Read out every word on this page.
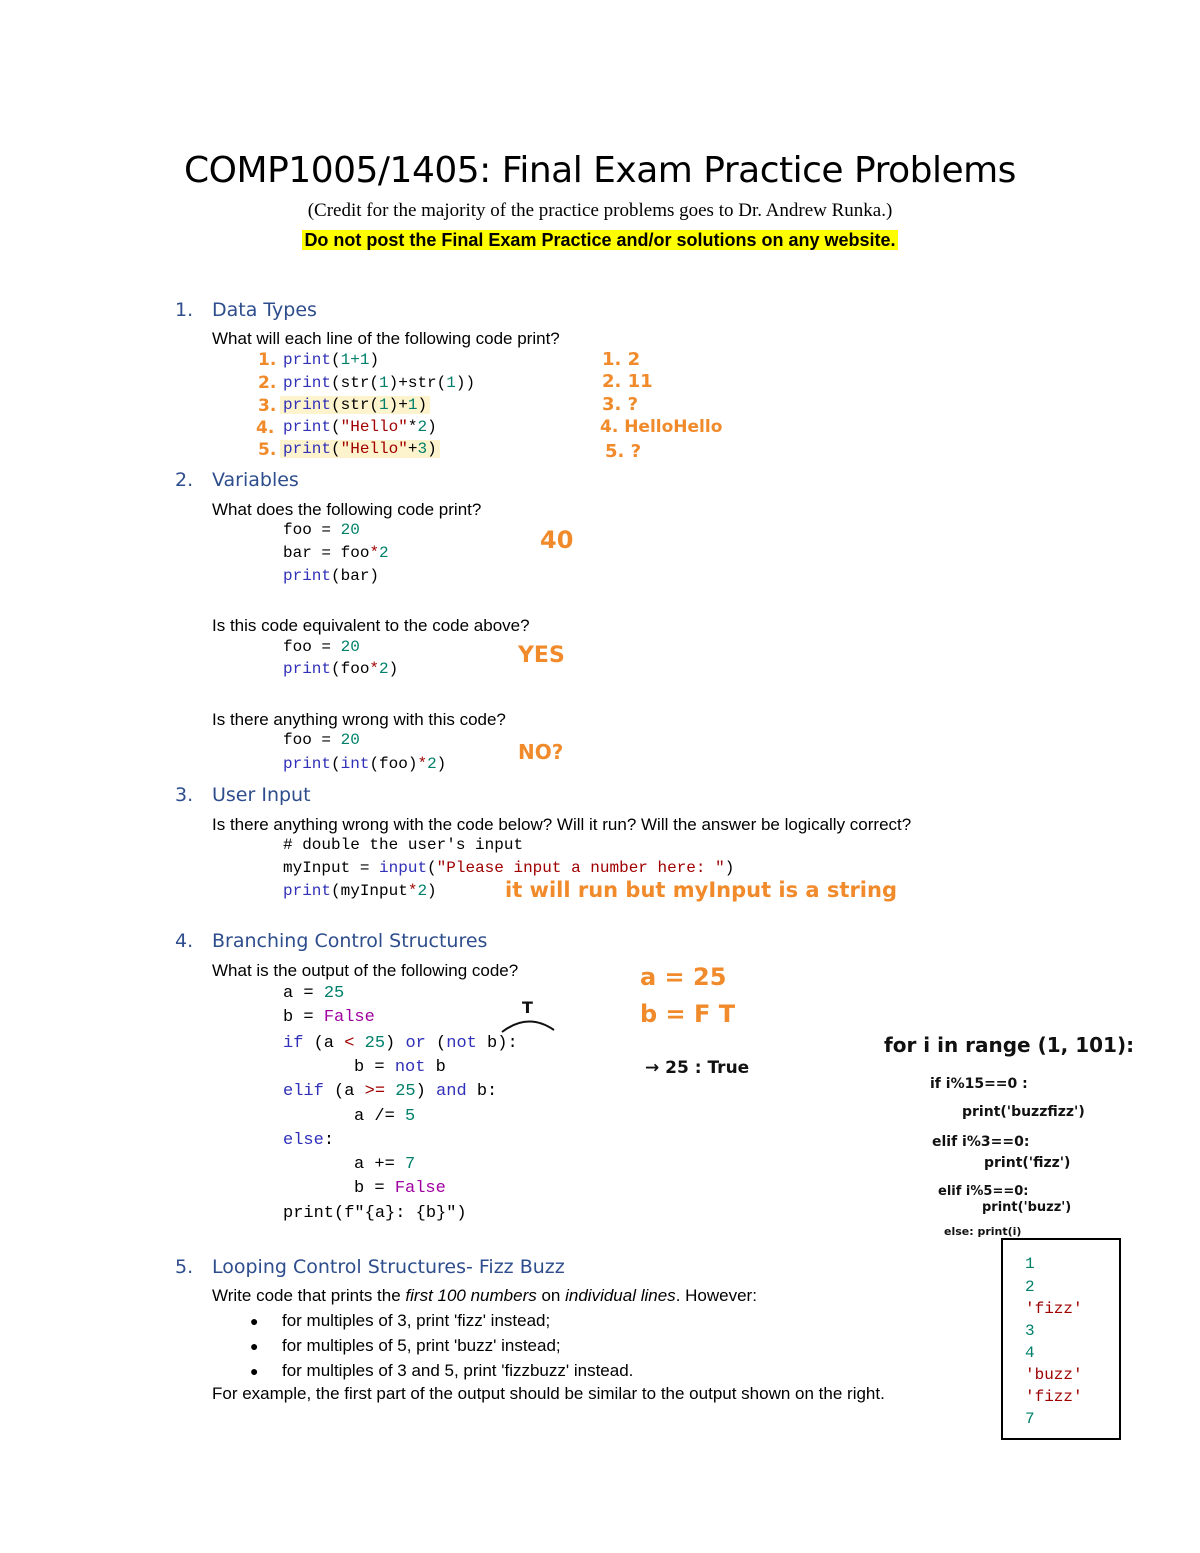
COMP1005/1405: Final Exam Practice Problems
(Credit for the majority of the practice problems goes to Dr. Andrew Runka.)
Do not post the Final Exam Practice and/or solutions on any website.
1. Data Types
What will each line of the following code print?
print(1+1)
print(str(1)+str(1))
print(str(1)+1)
print("Hello"*2)
print("Hello"+3)
1.
2.
3.
4.
5.
1. 2
2. 11
3. ?
4. HelloHello
5. ?
2. Variables
What does the following code print?
foo = 20
bar = foo*2
print(bar)
40
Is this code equivalent to the code above?
foo = 20
print(foo*2)
YES
Is there anything wrong with this code?
foo = 20
print(int(foo)*2)	NO?
3. User Input
Is there anything wrong with the code below? Will it run? Will the answer be logically correct?
# double the user's input
myInput = input("Please input a number here: ")
print(myInput*2)	it will run but myInput is a string
4. Branching Control Structures
What is the output of the following code?
a = 25
b = False
if (a < 25) or (not b):
b = not b
elif (a >= 25) and b:
a /= 5
else:
a += 7
b = False
print(f"{a}: {b}")
T
a = 25
b = F T
→ 25 : True
for i in range (1, 101):
if i%15==0 :
print('buzzfizz')
elif i%3==0:
print('fizz')
elif i%5==0:
print('buzz')
else: print(i)
5. Looping Control Structures- Fizz Buzz
Write code that prints the first 100 numbers on individual lines. However:
● for multiples of 3, print 'fizz' instead;
● for multiples of 5, print 'buzz' instead;
● for multiples of 3 and 5, print 'fizzbuzz' instead.
For example, the first part of the output should be similar to the output shown on the right.
1
2
'fizz'
3
4
'buzz'
'fizz'
7
